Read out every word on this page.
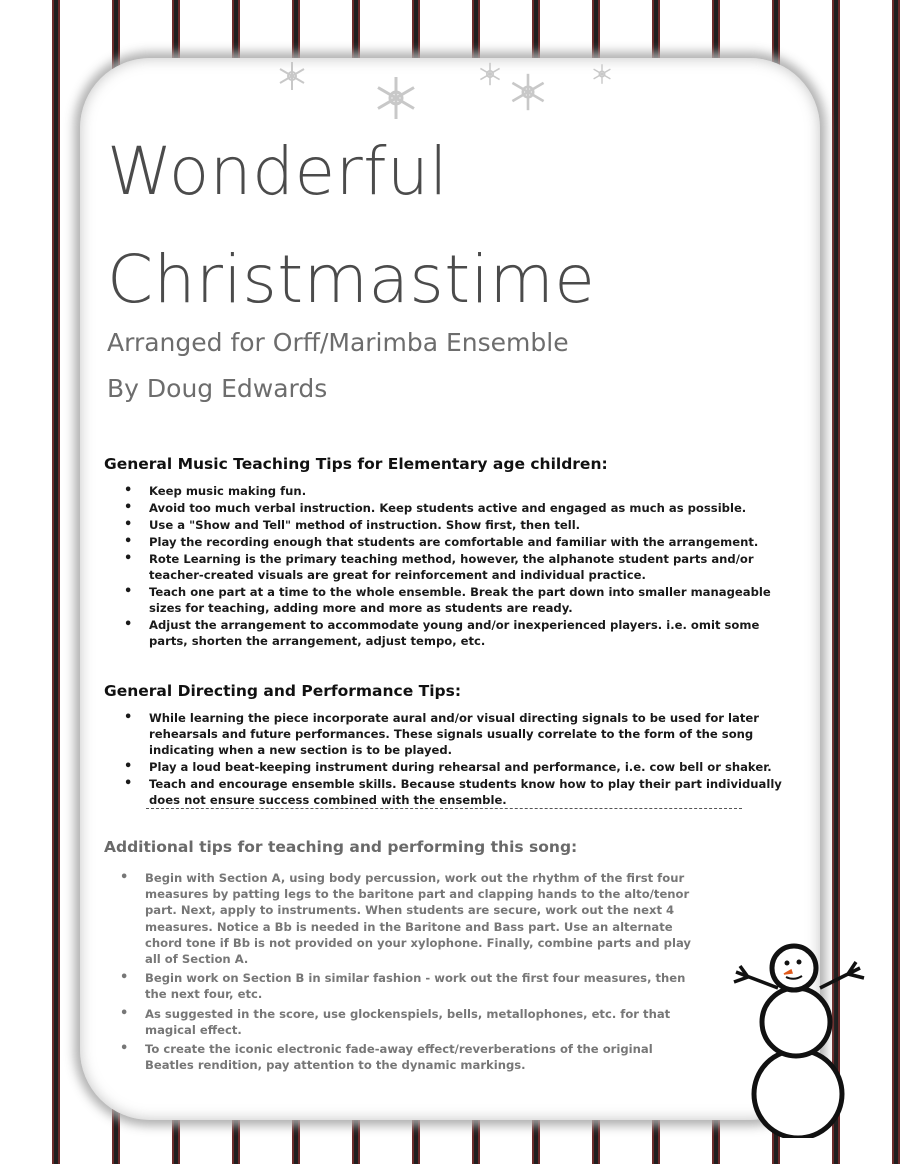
Wonderful
Christmastime
Arranged for Orff/Marimba Ensemble
By Doug Edwards
General Music Teaching Tips for Elementary age children:
• Keep music making fun.
• Avoid too much verbal instruction. Keep students active and engaged as much as possible.
• Use a "Show and Tell" method of instruction. Show first, then tell.
• Play the recording enough that students are comfortable and familiar with the arrangement.
• Rote Learning is the primary teaching method, however, the alphanote student parts and/or teacher-created visuals are great for reinforcement and individual practice.
• Teach one part at a time to the whole ensemble. Break the part down into smaller manageable sizes for teaching, adding more and more as students are ready.
• Adjust the arrangement to accommodate young and/or inexperienced players. i.e. omit some parts, shorten the arrangement, adjust tempo, etc.
General Directing and Performance Tips:
• While learning the piece incorporate aural and/or visual directing signals to be used for later rehearsals and future performances. These signals usually correlate to the form of the song indicating when a new section is to be played.
• Play a loud beat-keeping instrument during rehearsal and performance, i.e. cow bell or shaker.
• Teach and encourage ensemble skills. Because students know how to play their part individually does not ensure success combined with the ensemble.
Additional tips for teaching and performing this song:
• Begin with Section A, using body percussion, work out the rhythm of the first four measures by patting legs to the baritone part and clapping hands to the alto/tenor part. Next, apply to instruments. When students are secure, work out the next 4 measures. Notice a Bb is needed in the Baritone and Bass part. Use an alternate chord tone if Bb is not provided on your xylophone. Finally, combine parts and play all of Section A.
• Begin work on Section B in similar fashion - work out the first four measures, then the next four, etc.
• As suggested in the score, use glockenspiels, bells, metallophones, etc. for that magical effect.
• To create the iconic electronic fade-away effect/reverberations of the original Beatles rendition, pay attention to the dynamic markings.
